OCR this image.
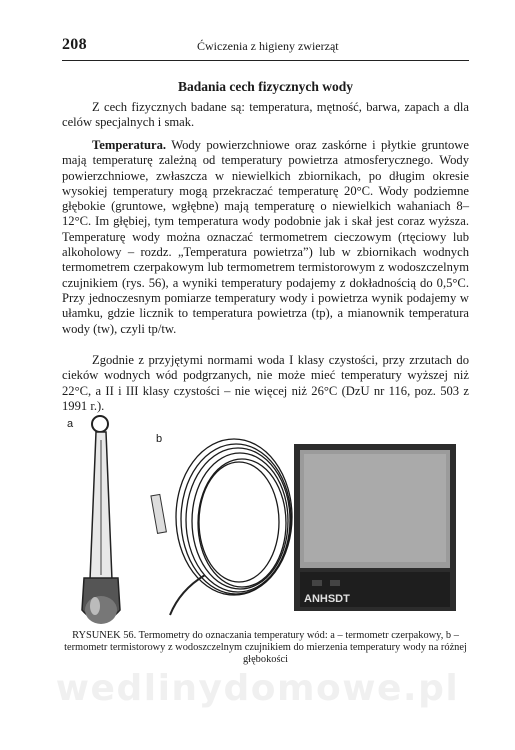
208	Ćwiczenia z higieny zwierząt
Badania cech fizycznych wody

Z cech fizycznych badane są: temperatura, mętność, barwa, zapach a dla celów specjalnych i smak.

Temperatura. Wody powierzchniowe oraz zaskórne i płytkie gruntowe mają temperaturę zależną od temperatury powietrza atmosferycznego. Wody powierzchniowe, zwłaszcza w niewielkich zbiornikach, po długim okresie wysokiej temperatury mogą przekraczać temperaturę 20°C. Wody podziemne głębokie (gruntowe, wgłębne) mają temperaturę o niewielkich wahaniach 8–12°C. Im głębiej, tym temperatura wody podobnie jak i skał jest coraz wyższa. Temperaturę wody można oznaczać termometrem cieczowym (rtęciowy lub alkoholowy – rozdz. „Temperatura powietrza”) lub w zbiornikach wodnych termometrem czerpakowym lub termometrem termistorowym z wodoszczelnym czujnikiem (rys. 56), a wyniki temperatury podajemy z dokładnością do 0,5°C. Przy jednoczesnym pomiarze temperatury wody i powietrza wynik podajemy w ułamku, gdzie licznik to temperatura powietrza (tp), a mianownik temperatura wody (tw), czyli tp/tw.

Zgodnie z przyjętymi normami woda I klasy czystości, przy zrzutach do cieków wodnych wód podgrzanych, nie może mieć temperatury wyższej niż 22°C, a II i III klasy czystości – nie więcej niż 26°C (DzU nr 116, poz. 503 z 1991 r.).

a
b
ANHSDT

RYSUNEK 56. Termometry do oznaczania temperatury wód: a – termometr czerpakowy, b – termometr termistorowy z wodoszczelnym czujnikiem do mierzenia temperatury wody na różnej głębokości

wedlinydomowe.pl
